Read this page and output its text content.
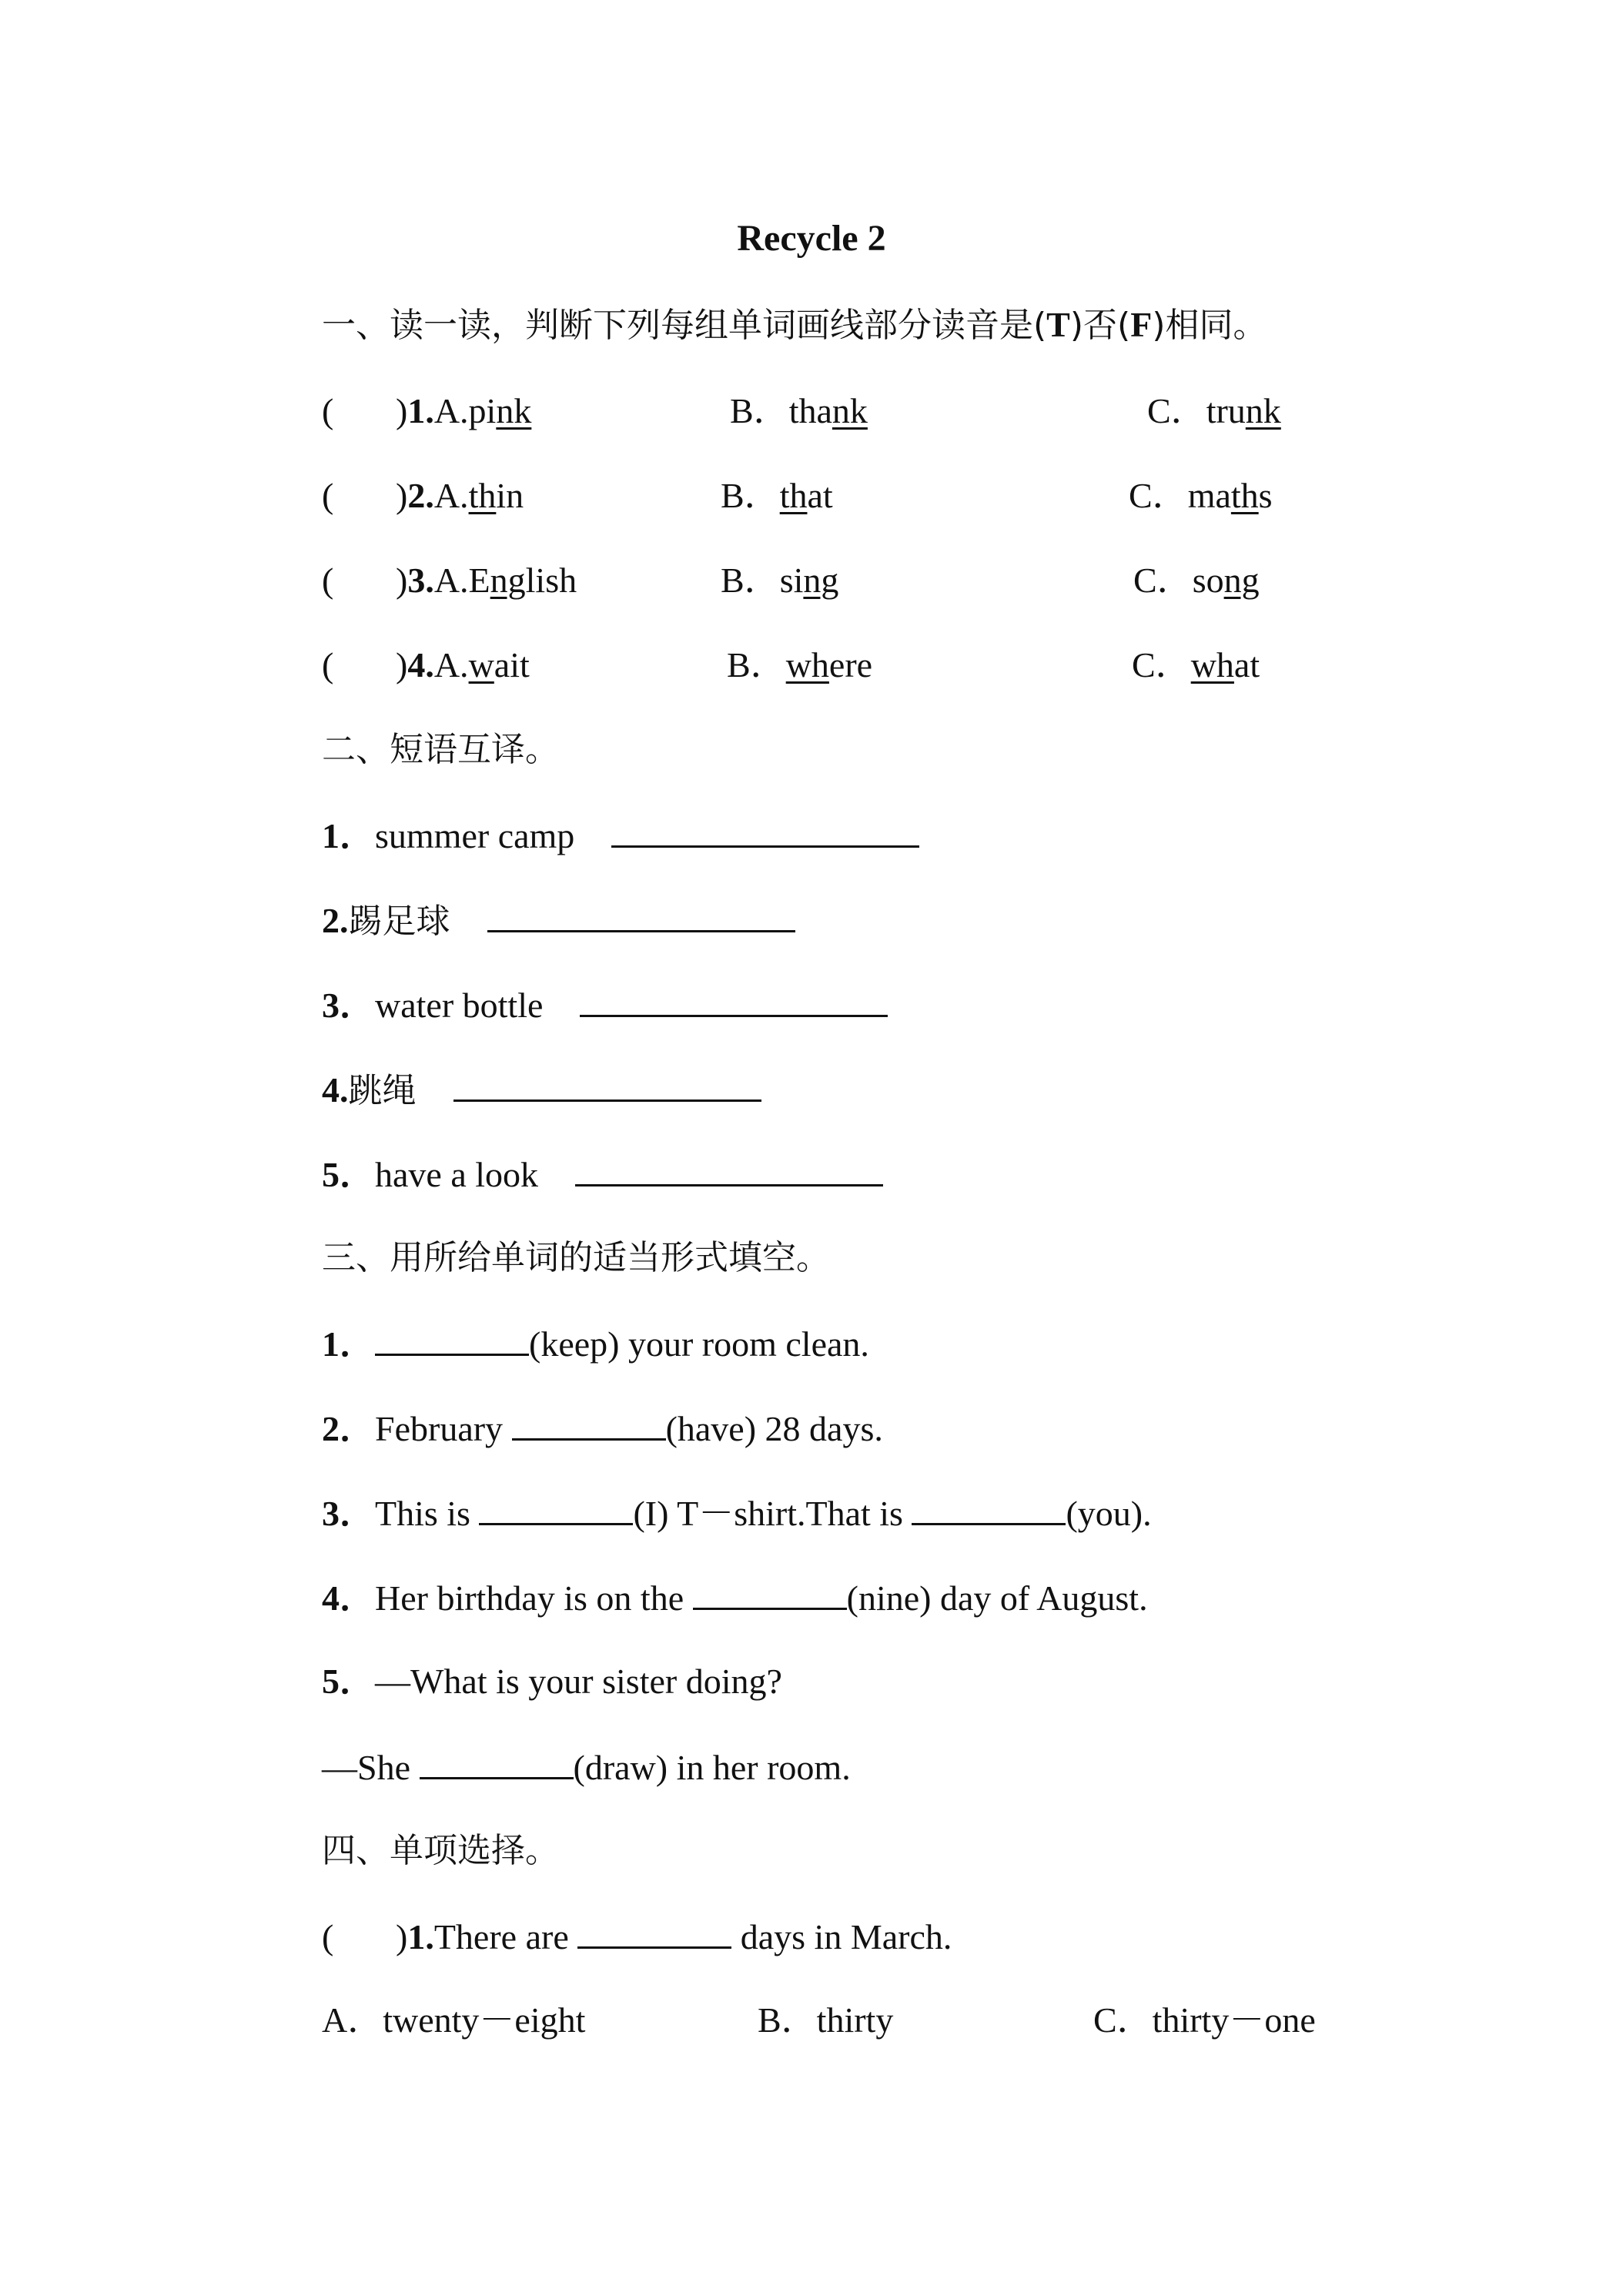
Recycle 2
一、读一读，判断下列每组单词画线部分读音是(T)否(F)相同。
( )1.A.pink	B．thank	C．trunk
( )2.A.thin	B．that	C．maths
( )3.A.English	B．sing	C．song
( )4.A.wait	B．where	C．what
二、短语互译。
1．summer camp
2.踢足球
3．water bottle
4.跳绳
5．have a look
三、用所给单词的适当形式填空。
1．	(keep) your room clean.
2．February	(have) 28 days.
3．This is	(I) T－shirt.That is	(you).
4．Her birthday is on the	(nine) day of August.
5．—What is your sister doing?
—She	(draw) in her room.
四、单项选择。
( )1.There are	days in March.
A．twenty－eight	B．thirty	C．thirty－one
